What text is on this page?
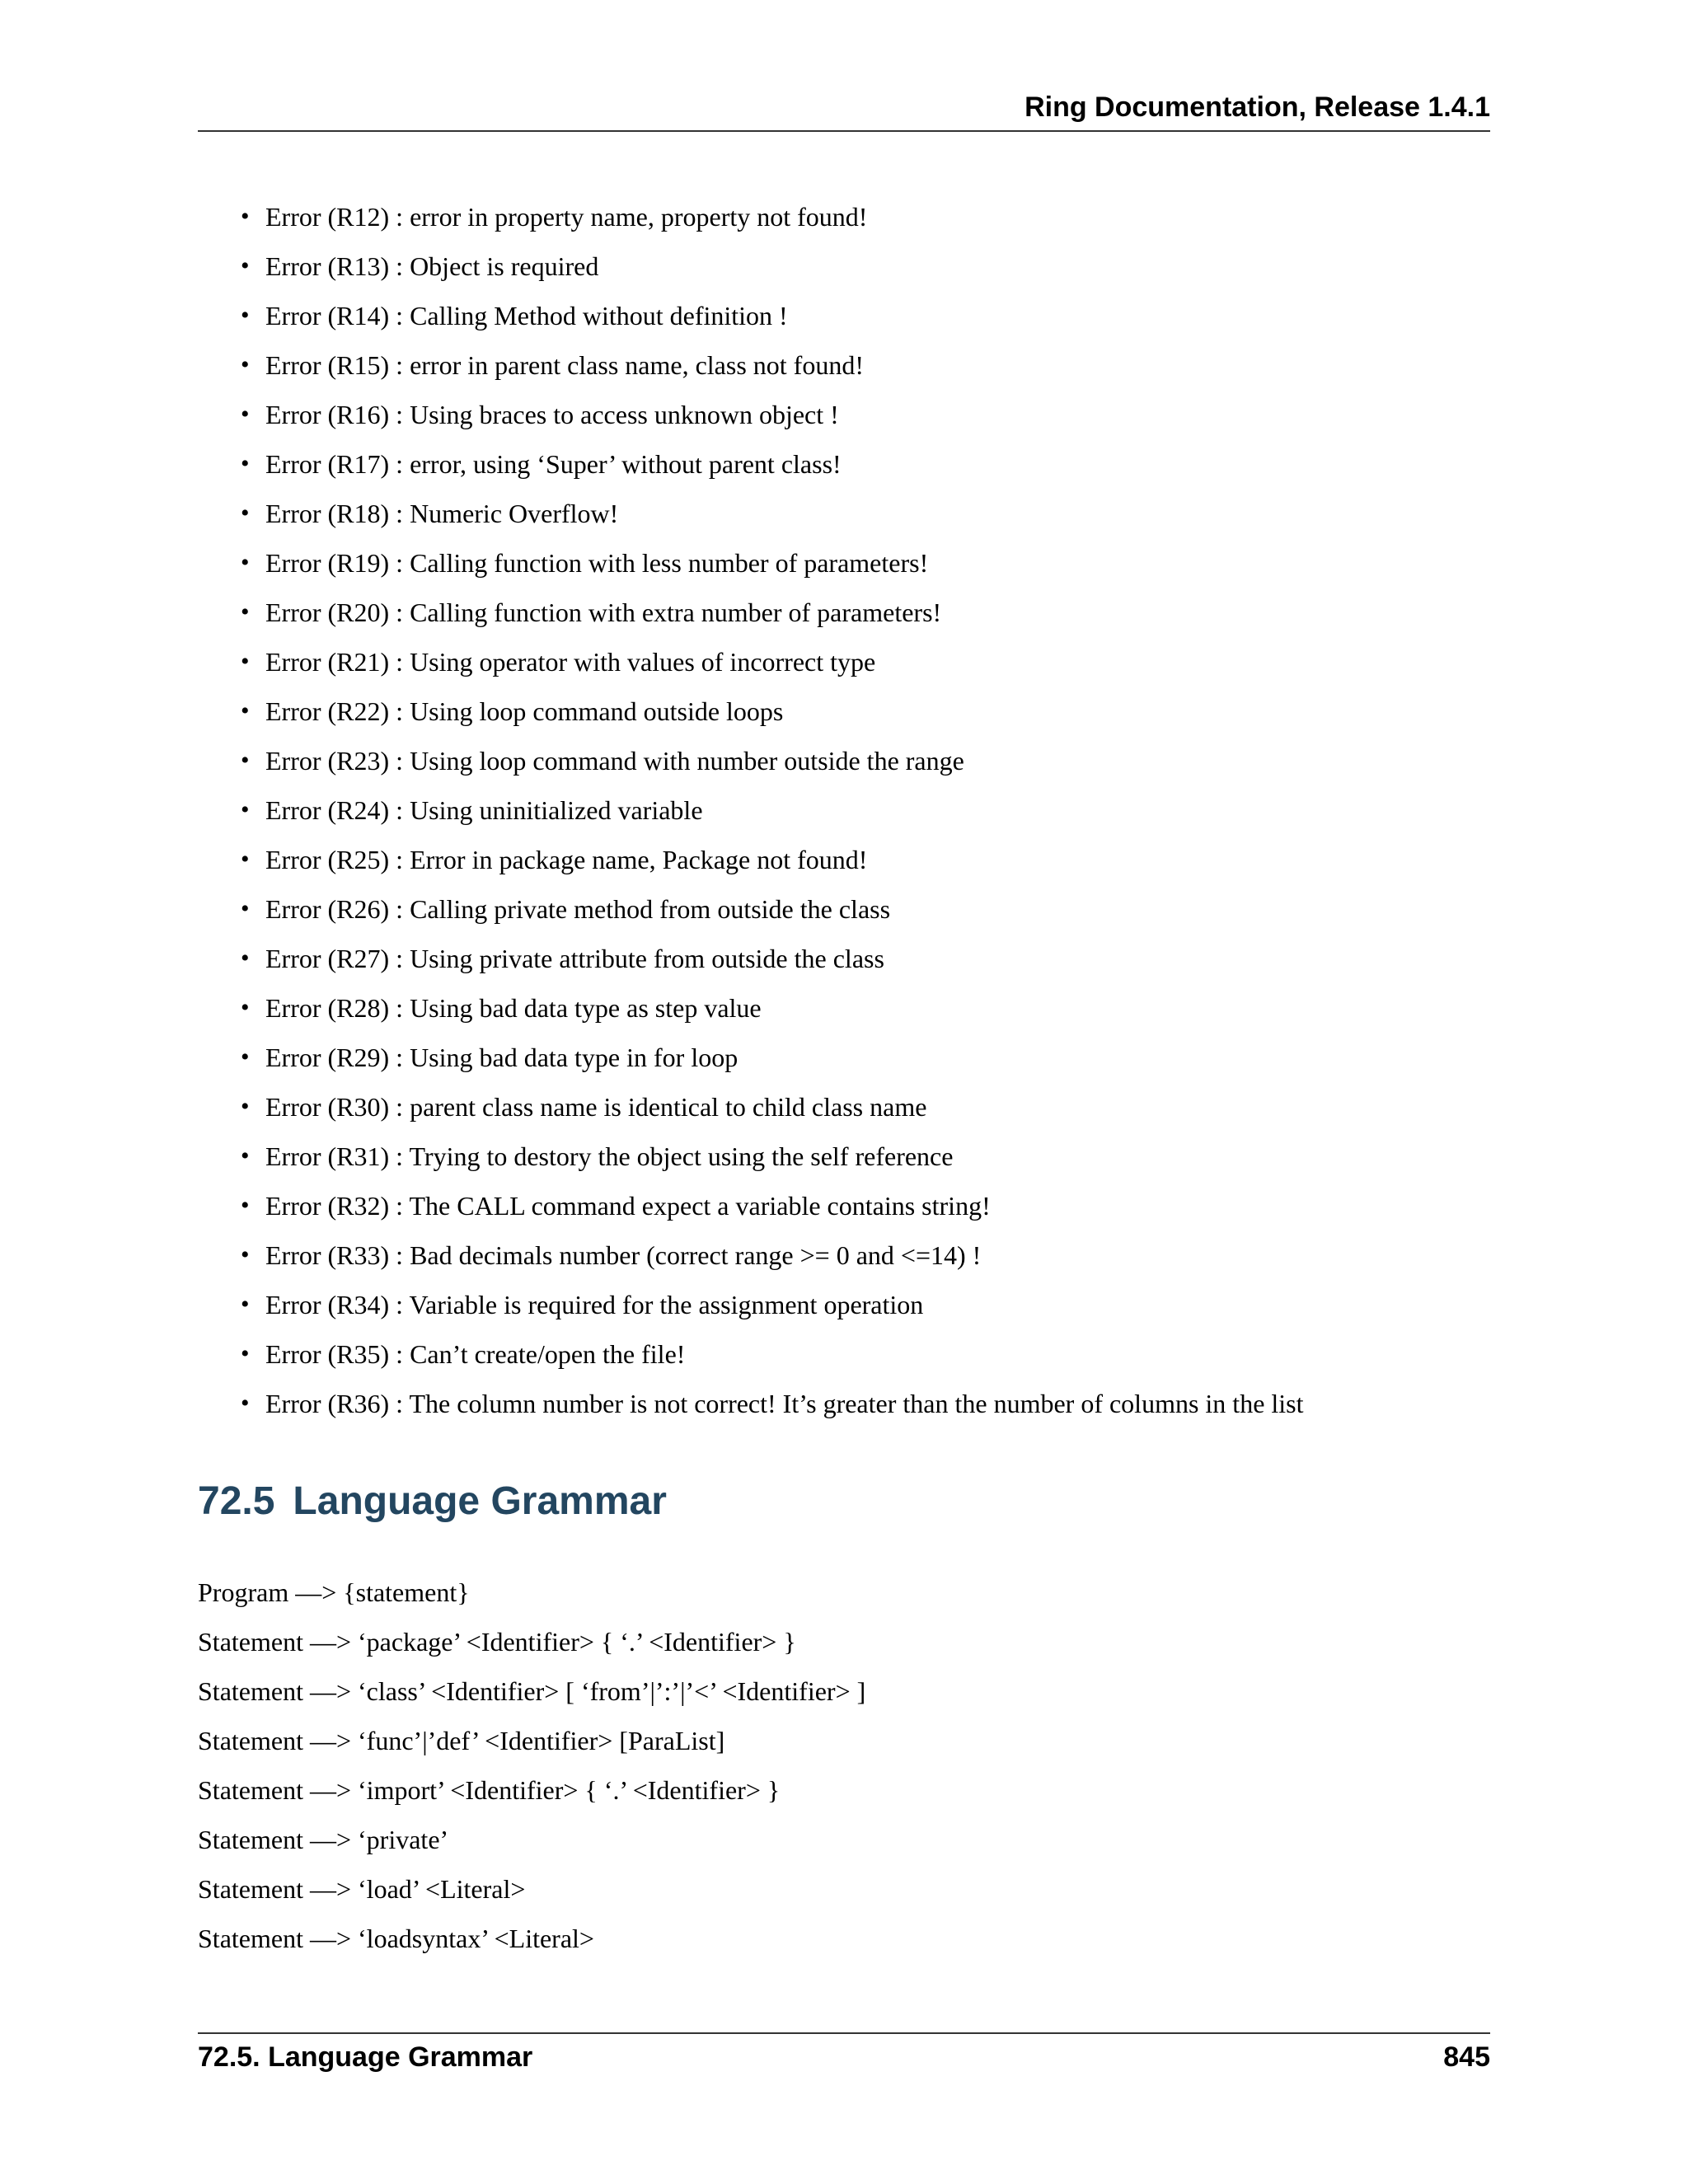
Ring Documentation, Release 1.4.1
• Error (R12) : error in property name, property not found!
• Error (R13) : Object is required
• Error (R14) : Calling Method without definition !
• Error (R15) : error in parent class name, class not found!
• Error (R16) : Using braces to access unknown object !
• Error (R17) : error, using ‘Super’ without parent class!
• Error (R18) : Numeric Overflow!
• Error (R19) : Calling function with less number of parameters!
• Error (R20) : Calling function with extra number of parameters!
• Error (R21) : Using operator with values of incorrect type
• Error (R22) : Using loop command outside loops
• Error (R23) : Using loop command with number outside the range
• Error (R24) : Using uninitialized variable
• Error (R25) : Error in package name, Package not found!
• Error (R26) : Calling private method from outside the class
• Error (R27) : Using private attribute from outside the class
• Error (R28) : Using bad data type as step value
• Error (R29) : Using bad data type in for loop
• Error (R30) : parent class name is identical to child class name
• Error (R31) : Trying to destory the object using the self reference
• Error (R32) : The CALL command expect a variable contains string!
• Error (R33) : Bad decimals number (correct range >= 0 and <=14) !
• Error (R34) : Variable is required for the assignment operation
• Error (R35) : Can’t create/open the file!
• Error (R36) : The column number is not correct! It’s greater than the number of columns in the list
72.5 Language Grammar
Program —> {statement}
Statement —> ‘package’ <Identifier> { ‘.’ <Identifier> }
Statement —> ‘class’ <Identifier> [ ‘from’|’:’|’<’ <Identifier> ]
Statement —> ‘func’|’def’ <Identifier> [ParaList]
Statement —> ‘import’ <Identifier> { ‘.’ <Identifier> }
Statement —> ‘private’
Statement —> ‘load’ <Literal>
Statement —> ‘loadsyntax’ <Literal>
72.5. Language Grammar	845
